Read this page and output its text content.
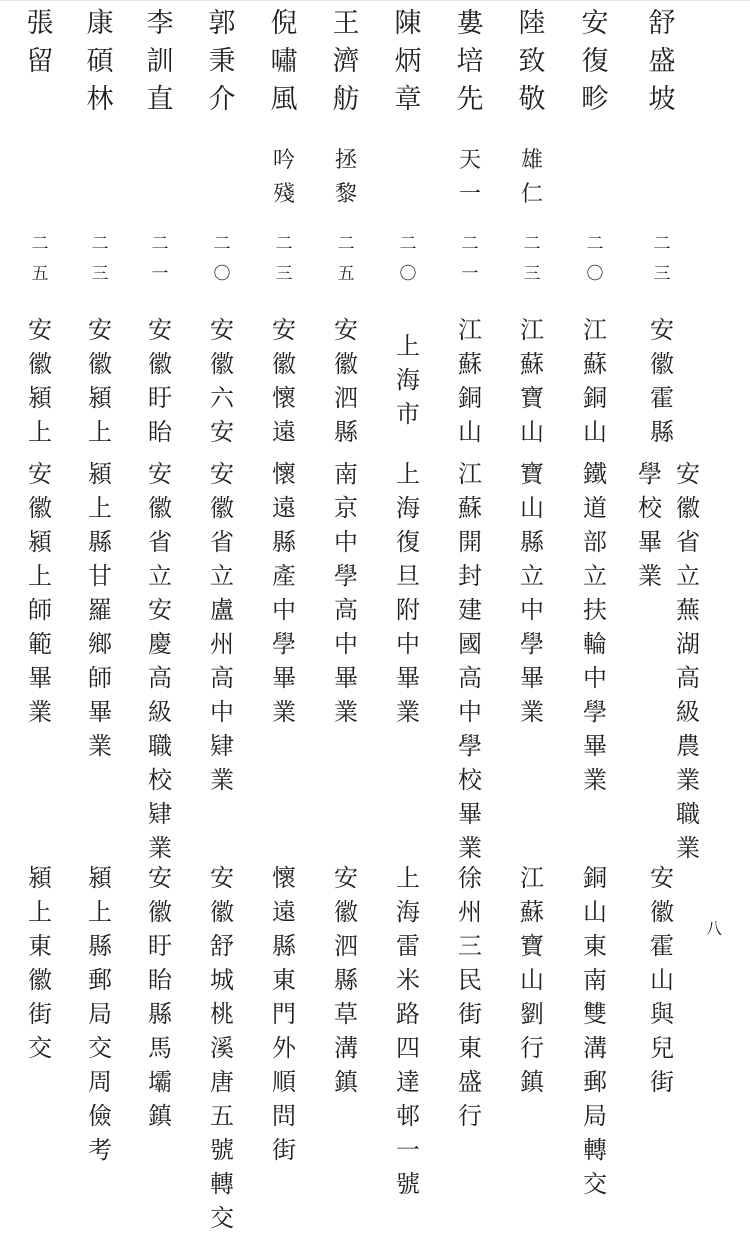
舒
盛
坡
二
三
安
徽
霍
縣
安
徽
省
立
蕪
湖
高
級
農
業
職
業
學
校
畢
業
安
徽
霍
山
與
兒
街
安
復
畛
二
〇
江
蘇
銅
山
鐵
道
部
立
扶
輪
中
學
畢
業
銅
山
東
南
雙
溝
郵
局
轉
交
陸
致
敬
雄
仁
二
三
江
蘇
寶
山
寶
山
縣
立
中
學
畢
業
江
蘇
寶
山
劉
行
鎮
婁
培
先
天
一
二
一
江
蘇
銅
山
江
蘇
開
封
建
國
高
中
學
校
畢
業
徐
州
三
民
街
東
盛
行
陳
炳
章
二
〇
上
海
市
上
海
復
旦
附
中
畢
業
上
海
雷
米
路
四
達
邨
一
號
王
濟
舫
拯
黎
二
五
安
徽
泗
縣
南
京
中
學
高
中
畢
業
安
徽
泗
縣
草
溝
鎮
倪
嘯
風
吟
殘
二
三
安
徽
懷
遠
懷
遠
縣
產
中
學
畢
業
懷
遠
縣
東
門
外
順
問
街
郭
秉
介
二
〇
安
徽
六
安
安
徽
省
立
盧
州
高
中
肄
業
安
徽
舒
城
桃
溪
唐
五
號
轉
交
李
訓
直
二
一
安
徽
盱
眙
安
徽
省
立
安
慶
高
級
職
校
肄
業
安
徽
盱
眙
縣
馬
壩
鎮
康
碩
林
二
三
安
徽
潁
上
潁
上
縣
甘
羅
鄉
師
畢
業
潁
上
縣
郵
局
交
周
儉
考
張
留
二
五
安
徽
潁
上
安
徽
潁
上
師
範
畢
業
潁
上
東
徽
街
交
八
